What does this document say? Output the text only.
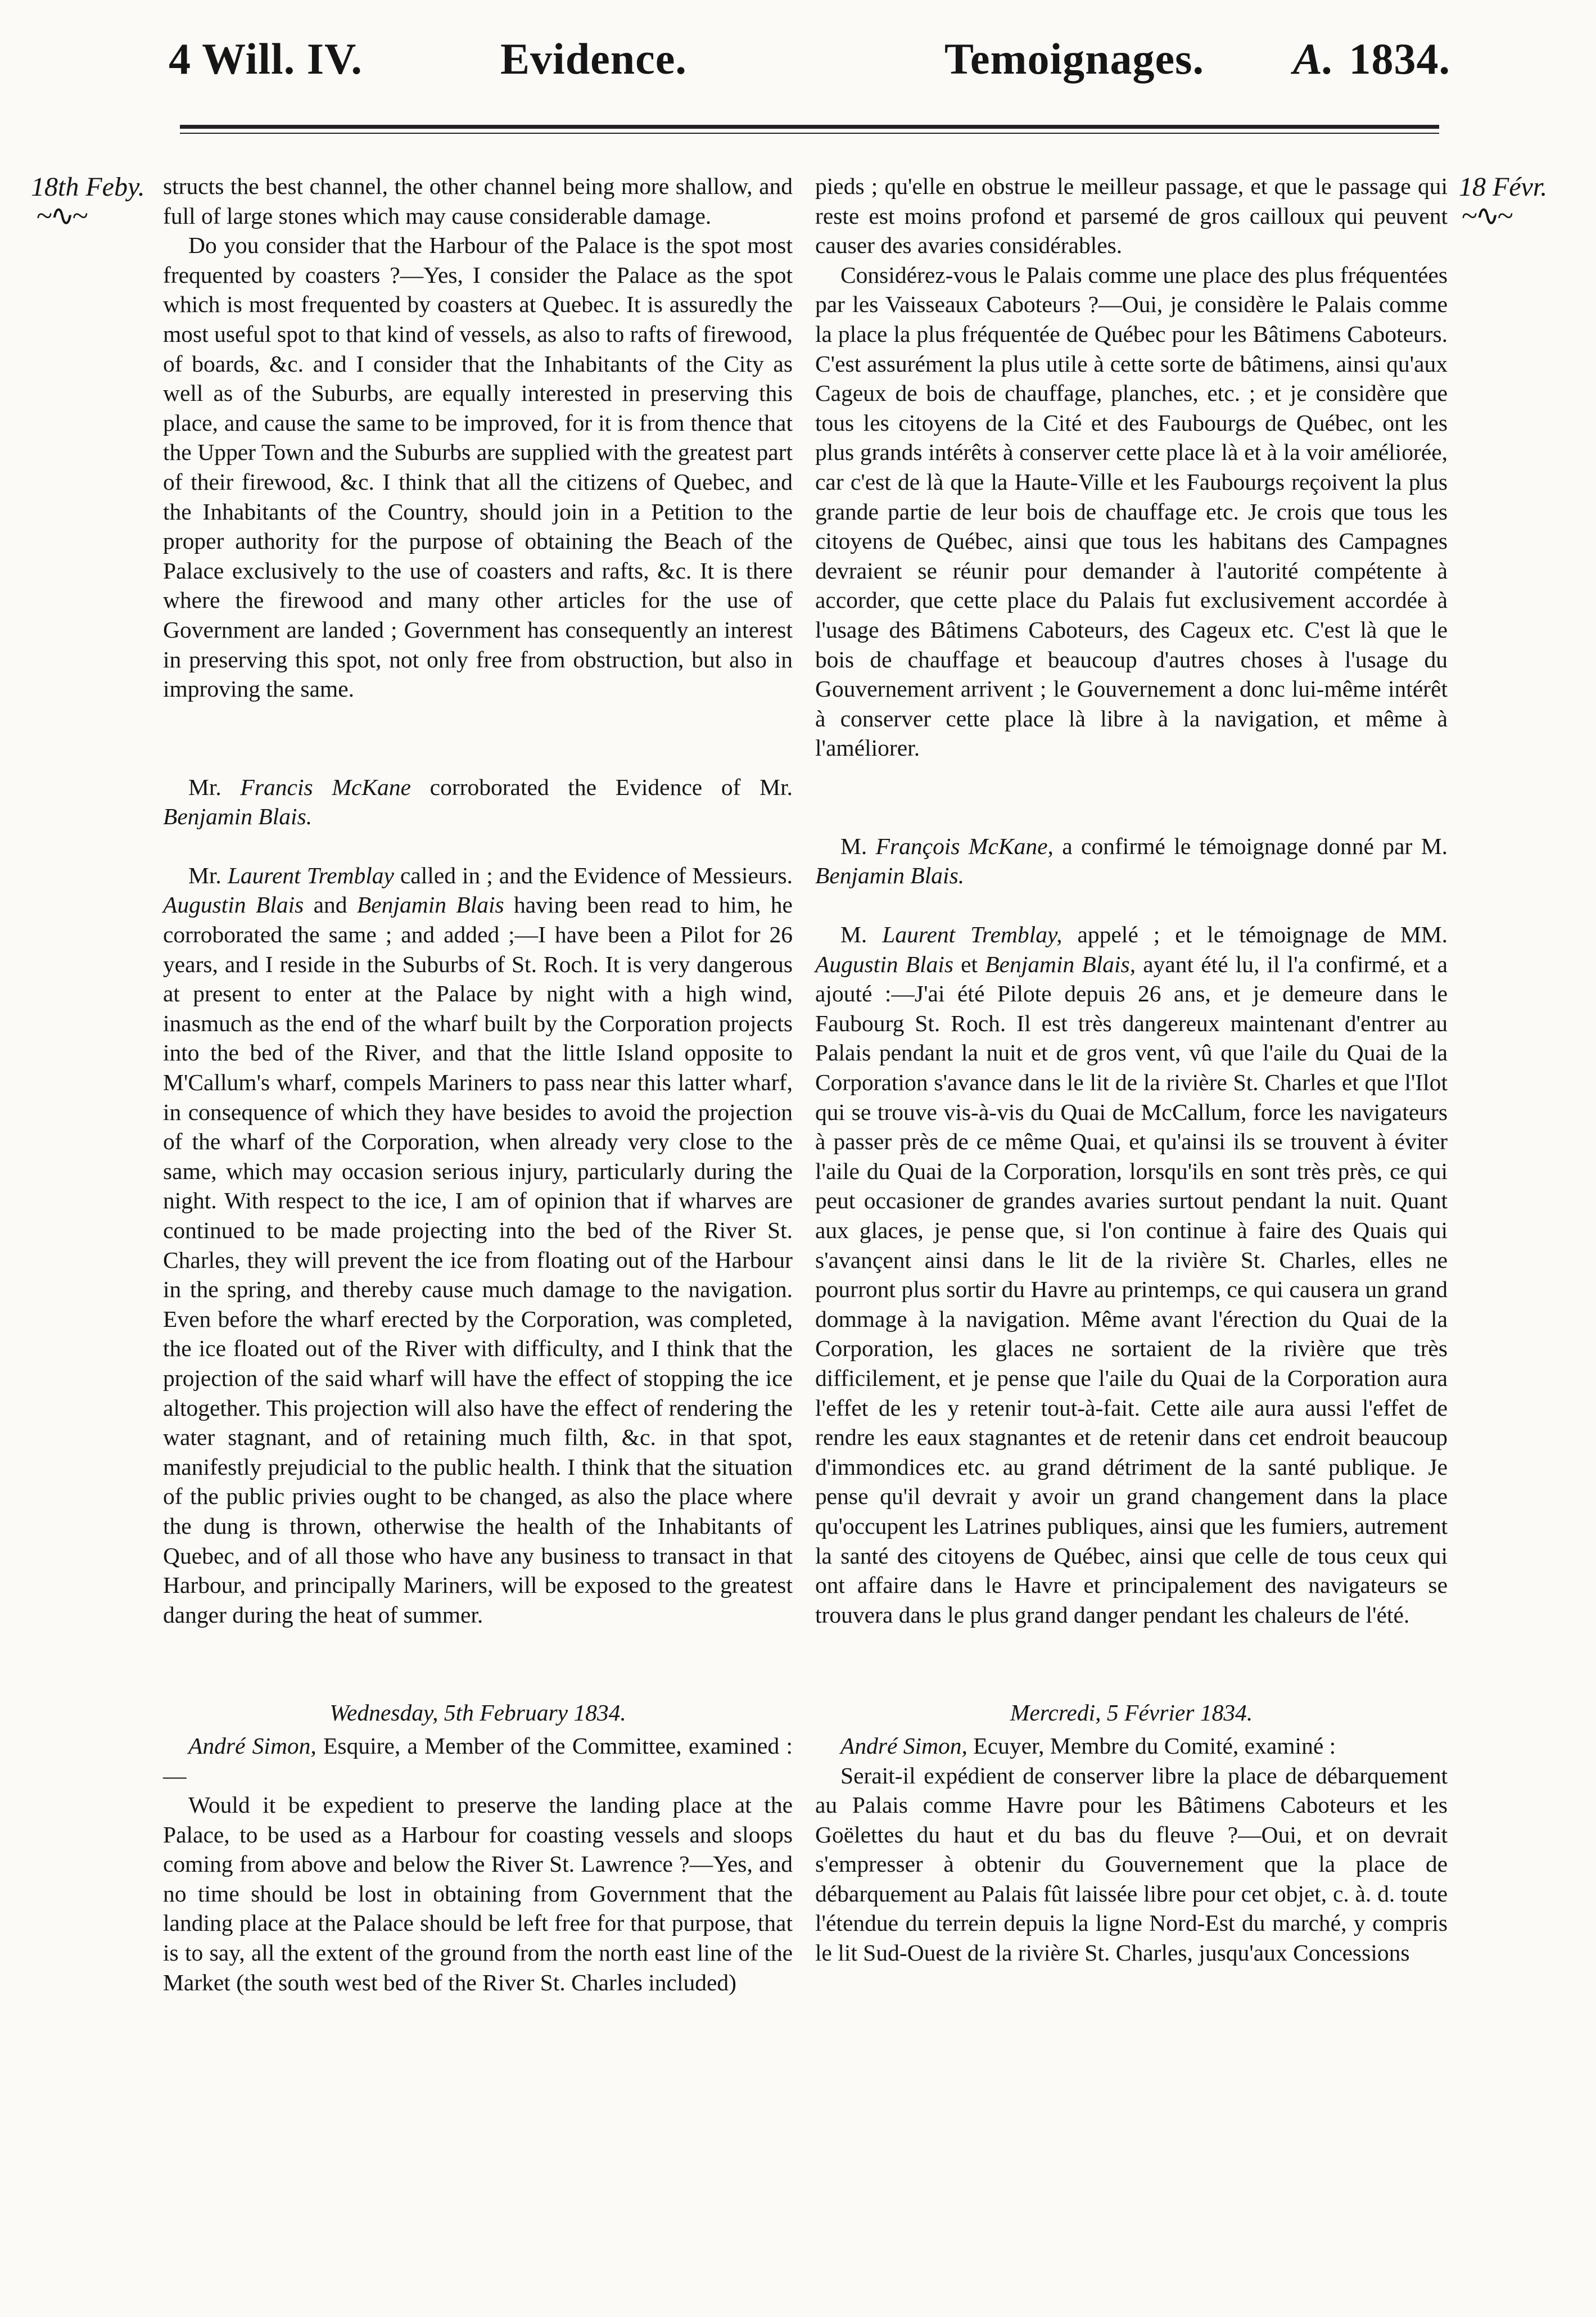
4 Will. IV.	Evidence.	Temoignages. A. 1834.
18th Feby.
~∿~
18 Févr.
~∿~

structs the best channel, the other channel being more shallow, and full of large stones which may cause considerable damage.

Do you consider that the Harbour of the Palace is the spot most frequented by coasters ?—Yes, I consider the Palace as the spot which is most frequented by coasters at Quebec. It is assuredly the most useful spot to that kind of vessels, as also to rafts of firewood, of boards, &c. and I consider that the Inhabitants of the City as well as of the Suburbs, are equally interested in preserving this place, and cause the same to be improved, for it is from thence that the Upper Town and the Suburbs are supplied with the greatest part of their firewood, &c. I think that all the citizens of Quebec, and the Inhabitants of the Country, should join in a Petition to the proper authority for the purpose of obtaining the Beach of the Palace exclusively to the use of coasters and rafts, &c. It is there where the firewood and many other articles for the use of Government are landed ; Government has consequently an interest in preserving this spot, not only free from obstruction, but also in improving the same.

Mr. Francis McKane corroborated the Evidence of Mr. Benjamin Blais.

Mr. Laurent Tremblay called in ; and the Evidence of Messieurs. Augustin Blais and Benjamin Blais having been read to him, he corroborated the same ; and added ;—I have been a Pilot for 26 years, and I reside in the Suburbs of St. Roch. It is very dangerous at present to enter at the Palace by night with a high wind, inasmuch as the end of the wharf built by the Corporation projects into the bed of the River, and that the little Island opposite to M'Callum's wharf, compels Mariners to pass near this latter wharf, in consequence of which they have besides to avoid the projection of the wharf of the Corporation, when already very close to the same, which may occasion serious injury, particularly during the night. With respect to the ice, I am of opinion that if wharves are continued to be made projecting into the bed of the River St. Charles, they will prevent the ice from floating out of the Harbour in the spring, and thereby cause much damage to the navigation. Even before the wharf erected by the Corporation, was completed, the ice floated out of the River with difficulty, and I think that the projection of the said wharf will have the effect of stopping the ice altogether. This projection will also have the effect of rendering the water stagnant, and of retaining much filth, &c. in that spot, manifestly prejudicial to the public health. I think that the situation of the public privies ought to be changed, as also the place where the dung is thrown, otherwise the health of the Inhabitants of Quebec, and of all those who have any business to transact in that Harbour, and principally Mariners, will be exposed to the greatest danger during the heat of summer.

Wednesday, 5th February 1834.

André Simon, Esquire, a Member of the Committee, examined :—

Would it be expedient to preserve the landing place at the Palace, to be used as a Harbour for coasting vessels and sloops coming from above and below the River St. Lawrence ?—Yes, and no time should be lost in obtaining from Government that the landing place at the Palace should be left free for that purpose, that is to say, all the extent of the ground from the north east line of the Market (the south west bed of the River St. Charles included)

pieds ; qu'elle en obstrue le meilleur passage, et que le passage qui reste est moins profond et parsemé de gros cailloux qui peuvent causer des avaries considérables.

Considérez-vous le Palais comme une place des plus fréquentées par les Vaisseaux Caboteurs ?—Oui, je considère le Palais comme la place la plus fréquentée de Québec pour les Bâtimens Caboteurs. C'est assurément la plus utile à cette sorte de bâtimens, ainsi qu'aux Cageux de bois de chauffage, planches, etc. ; et je considère que tous les citoyens de la Cité et des Faubourgs de Québec, ont les plus grands intérêts à conserver cette place là et à la voir améliorée, car c'est de là que la Haute-Ville et les Faubourgs reçoivent la plus grande partie de leur bois de chauffage etc. Je crois que tous les citoyens de Québec, ainsi que tous les habitans des Campagnes devraient se réunir pour demander à l'autorité compétente à accorder, que cette place du Palais fut exclusivement accordée à l'usage des Bâtimens Caboteurs, des Cageux etc. C'est là que le bois de chauffage et beaucoup d'autres choses à l'usage du Gouvernement arrivent ; le Gouvernement a donc lui-même intérêt à conserver cette place là libre à la navigation, et même à l'améliorer.

M. François McKane, a confirmé le témoignage donné par M. Benjamin Blais.

M. Laurent Tremblay, appelé ; et le témoignage de MM. Augustin Blais et Benjamin Blais, ayant été lu, il l'a confirmé, et a ajouté :—J'ai été Pilote depuis 26 ans, et je demeure dans le Faubourg St. Roch. Il est très dangereux maintenant d'entrer au Palais pendant la nuit et de gros vent, vû que l'aile du Quai de la Corporation s'avance dans le lit de la rivière St. Charles et que l'Ilot qui se trouve vis-à-vis du Quai de McCallum, force les navigateurs à passer près de ce même Quai, et qu'ainsi ils se trouvent à éviter l'aile du Quai de la Corporation, lorsqu'ils en sont très près, ce qui peut occasioner de grandes avaries surtout pendant la nuit. Quant aux glaces, je pense que, si l'on continue à faire des Quais qui s'avançent ainsi dans le lit de la rivière St. Charles, elles ne pourront plus sortir du Havre au printemps, ce qui causera un grand dommage à la navigation. Même avant l'érection du Quai de la Corporation, les glaces ne sortaient de la rivière que très difficilement, et je pense que l'aile du Quai de la Corporation aura l'effet de les y retenir tout-à-fait. Cette aile aura aussi l'effet de rendre les eaux stagnantes et de retenir dans cet endroit beaucoup d'immondices etc. au grand détriment de la santé publique. Je pense qu'il devrait y avoir un grand changement dans la place qu'occupent les Latrines publiques, ainsi que les fumiers, autrement la santé des citoyens de Québec, ainsi que celle de tous ceux qui ont affaire dans le Havre et principalement des navigateurs se trouvera dans le plus grand danger pendant les chaleurs de l'été.

Mercredi, 5 Février 1834.

André Simon, Ecuyer, Membre du Comité, examiné :

Serait-il expédient de conserver libre la place de débarquement au Palais comme Havre pour les Bâtimens Caboteurs et les Goëlettes du haut et du bas du fleuve ?—Oui, et on devrait s'empresser à obtenir du Gouvernement que la place de débarquement au Palais fût laissée libre pour cet objet, c. à. d. toute l'étendue du terrein depuis la ligne Nord-Est du marché, y compris le lit Sud-Ouest de la rivière St. Charles, jusqu'aux Concessions
